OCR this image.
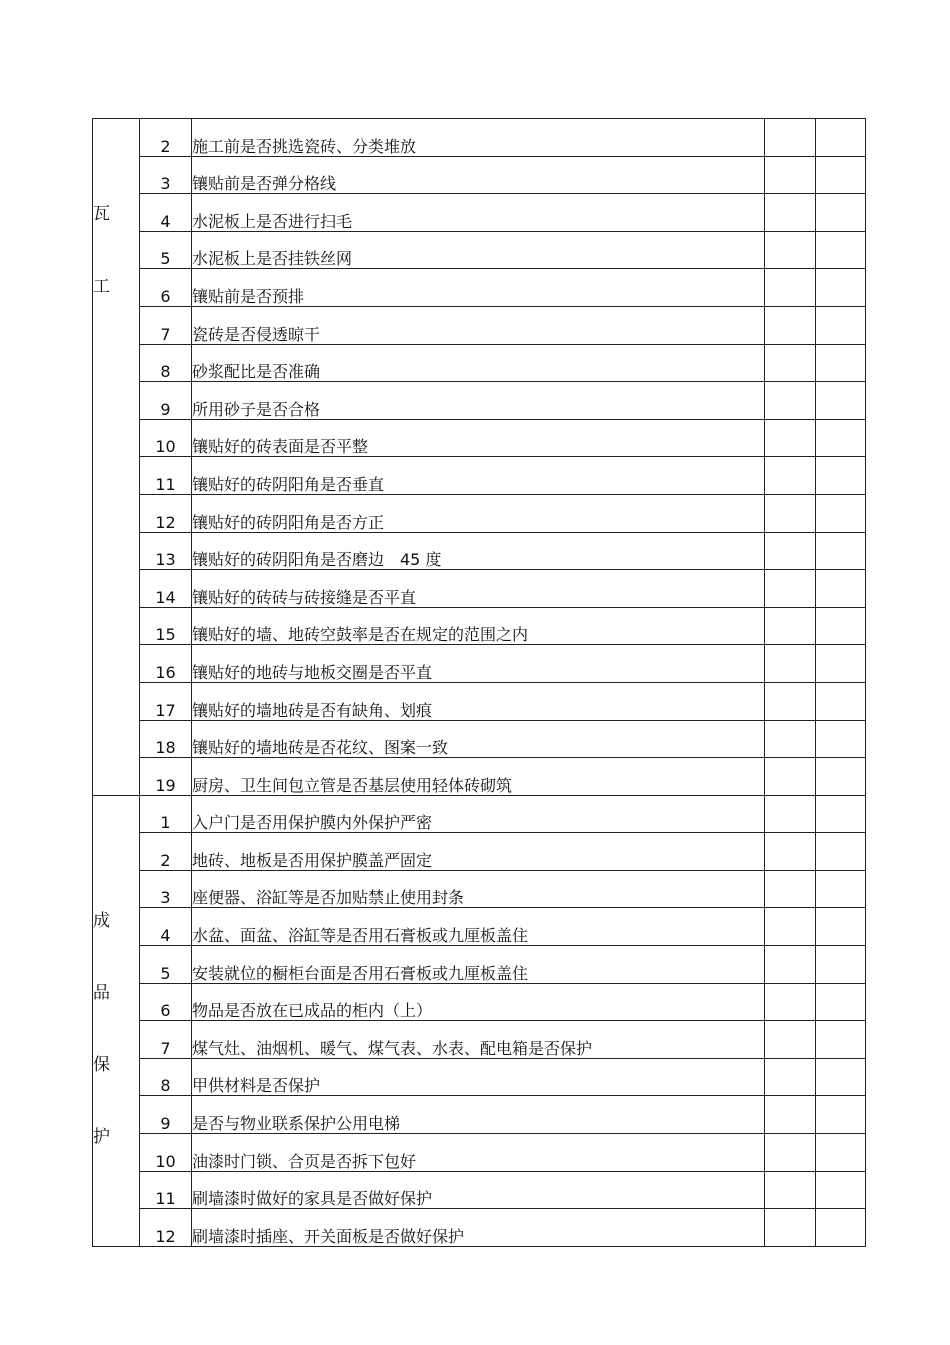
瓦
工	2	施工前是否挑选瓷砖、分类堆放		
	3	镶贴前是否弹分格线		
	4	水泥板上是否进行扫毛		
	5	水泥板上是否挂铁丝网		
	6	镶贴前是否预排		
	7	瓷砖是否侵透晾干		
	8	砂浆配比是否准确		
	9	所用砂子是否合格		
	10	镶贴好的砖表面是否平整		
	11	镶贴好的砖阴阳角是否垂直		
	12	镶贴好的砖阴阳角是否方正		
	13	镶贴好的砖阴阳角是否磨边　45 度		
	14	镶贴好的砖砖与砖接缝是否平直		
	15	镶贴好的墙、地砖空鼓率是否在规定的范围之内		
	16	镶贴好的地砖与地板交圈是否平直		
	17	镶贴好的墙地砖是否有缺角、划痕		
	18	镶贴好的墙地砖是否花纹、图案一致		
	19	厨房、卫生间包立管是否基层使用轻体砖砌筑		

成
品
保
护	1	入户门是否用保护膜内外保护严密		
	2	地砖、地板是否用保护膜盖严固定		
	3	座便器、浴缸等是否加贴禁止使用封条		
	4	水盆、面盆、浴缸等是否用石膏板或九厘板盖住		
	5	安装就位的橱柜台面是否用石膏板或九厘板盖住		
	6	物品是否放在已成品的柜内（上）		
	7	煤气灶、油烟机、暖气、煤气表、水表、配电箱是否保护		
	8	甲供材料是否保护		
	9	是否与物业联系保护公用电梯		
	10	油漆时门锁、合页是否拆下包好		
	11	刷墙漆时做好的家具是否做好保护		
	12	刷墙漆时插座、开关面板是否做好保护		
